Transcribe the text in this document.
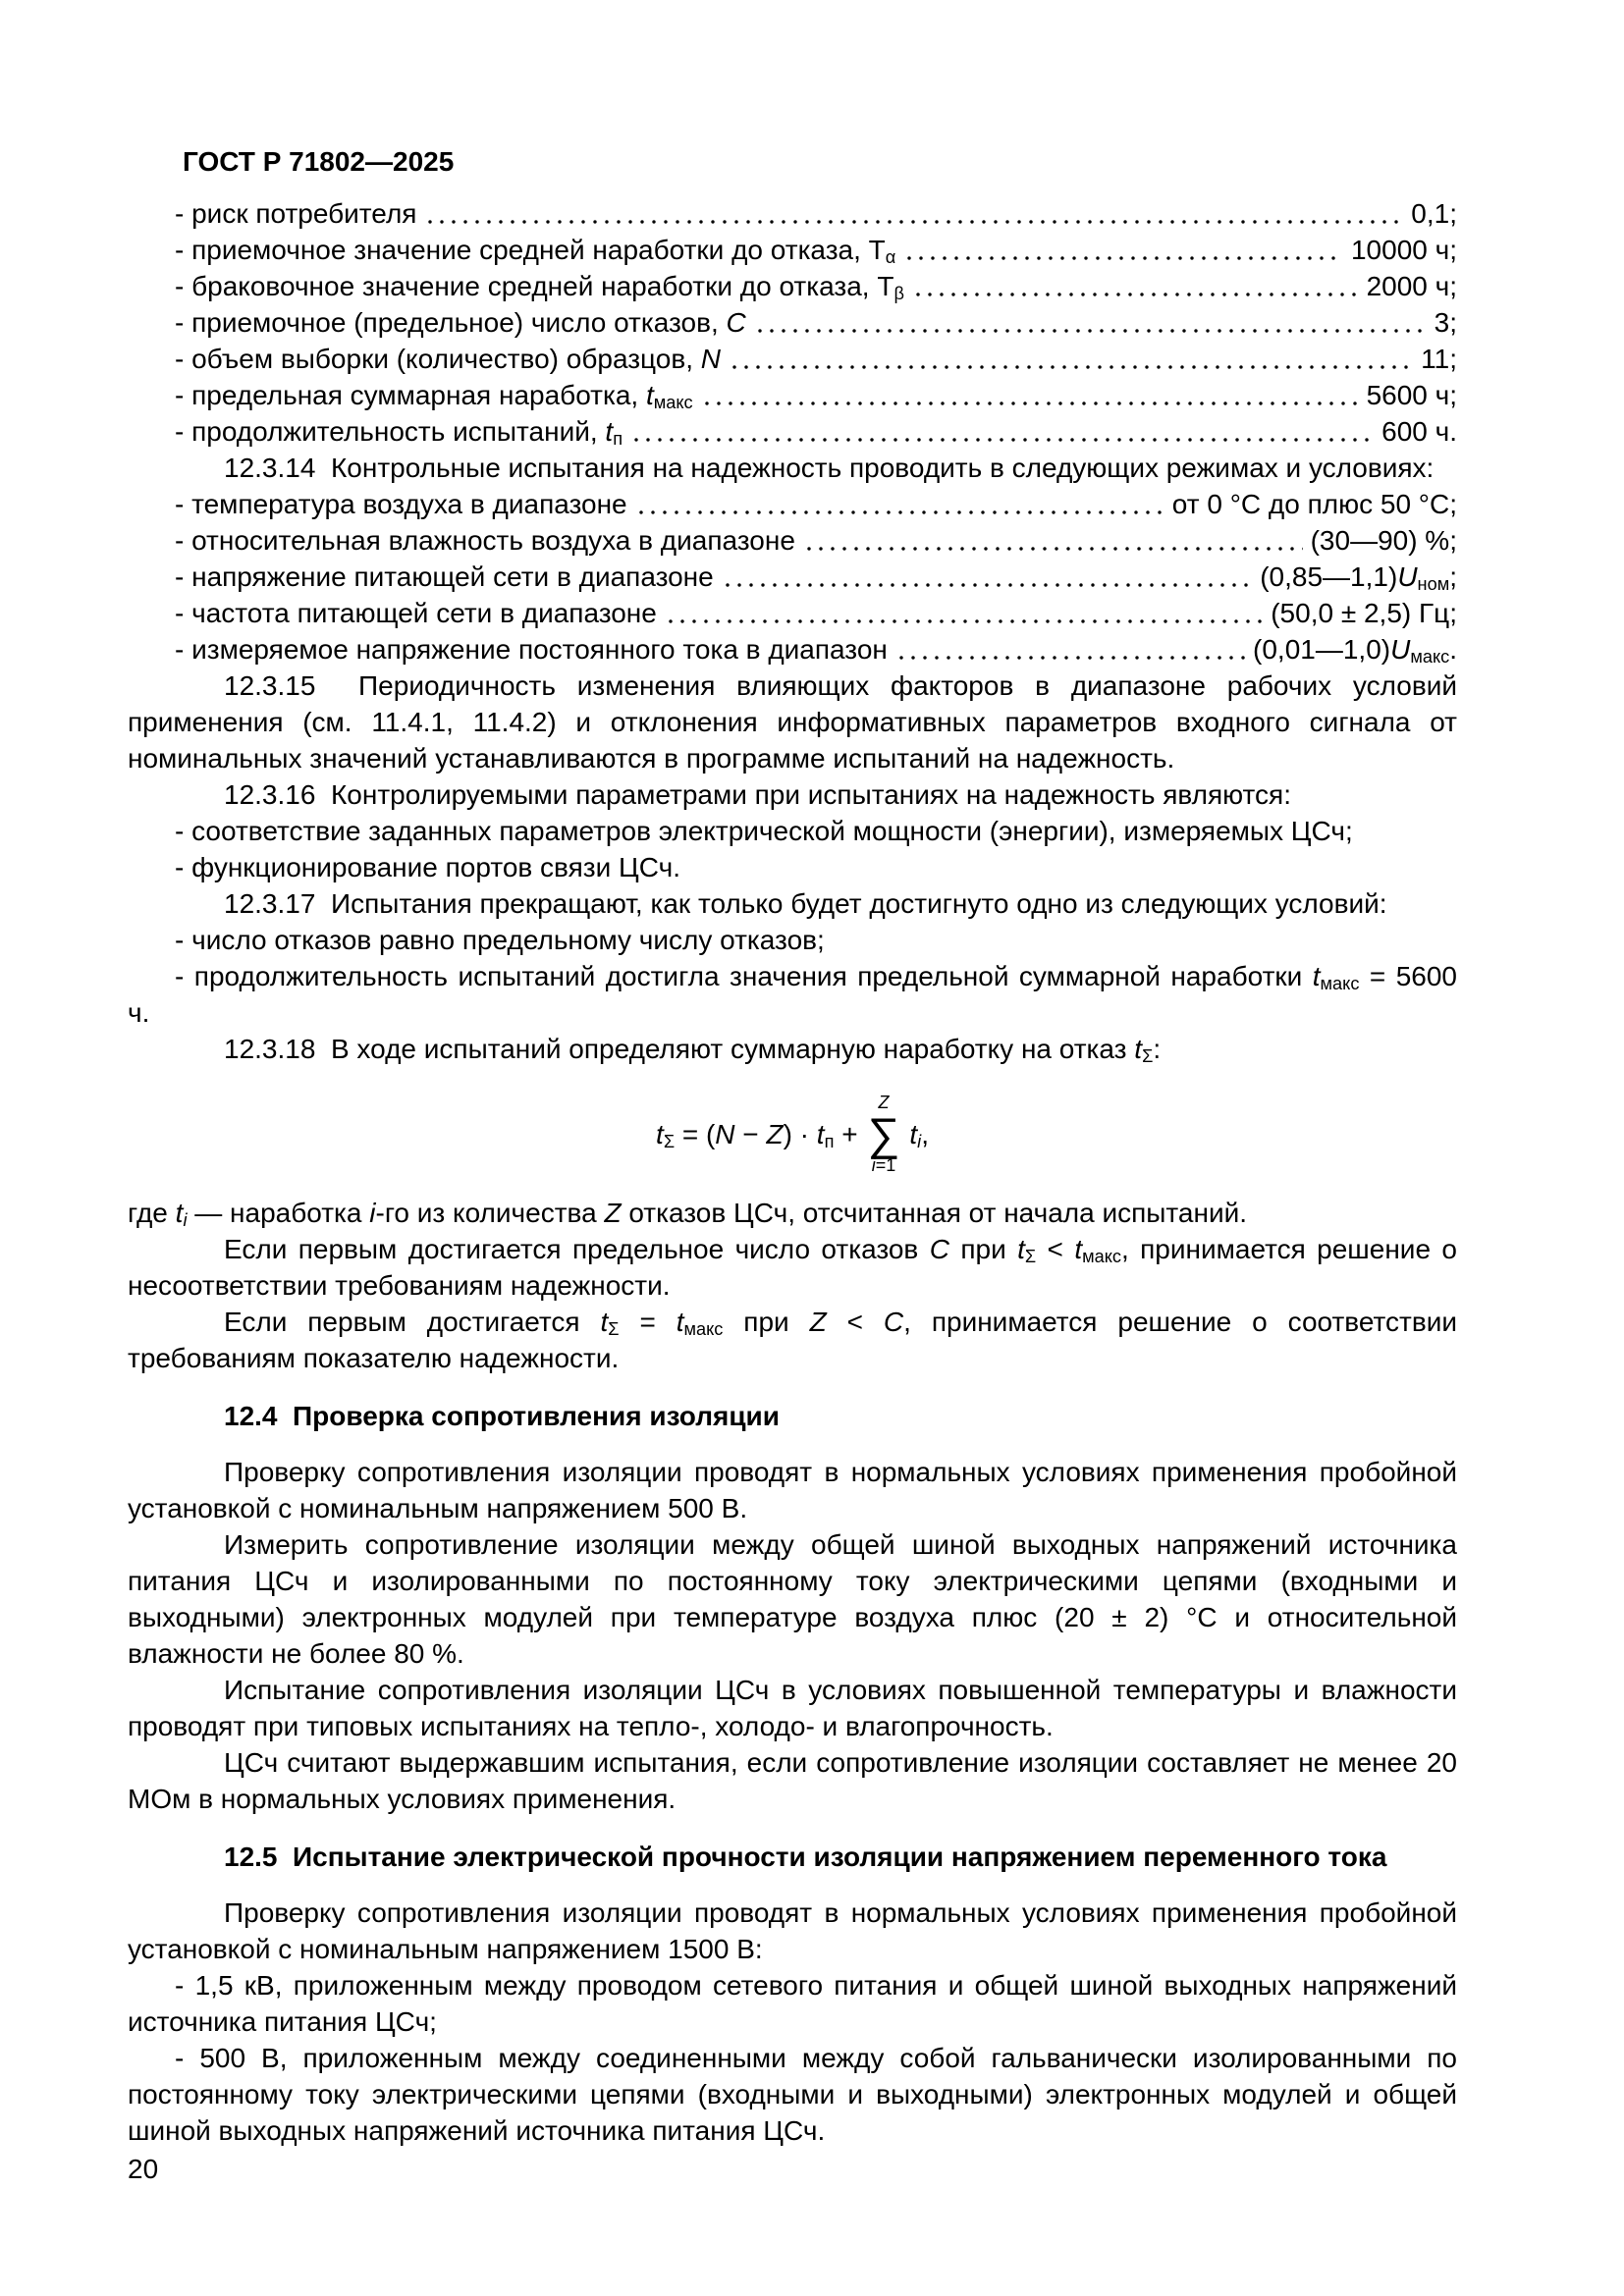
ГОСТ Р 71802—2025
- риск потребителя	0,1;
- приемочное значение средней наработки до отказа, $Т_\alpha$	10000 ч;
- браковочное значение средней наработки до отказа, $Т_\beta$	2000 ч;
- приемочное (предельное) число отказов, С	3;
- объем выборки (количество) образцов, N	11;
- предельная суммарная наработка, $t_{макс}$	5600 ч;
- продолжительность испытаний, $t_п$	600 ч.

12.3.14  Контрольные испытания на надежность проводить в следующих режимах и условиях:

- температура воздуха в диапазоне	от 0 °С до плюс 50 °С;
- относительная влажность воздуха в диапазоне	(30—90) %;
- напряжение питающей сети в диапазоне	$(0,85—1,1)U_{ном}$;
- частота питающей сети в диапазоне	(50,0 ± 2,5) Гц;
- измеряемое напряжение постоянного тока в диапазон	$(0,01—1,0)U_{макс}$.

12.3.15  Периодичность изменения влияющих факторов в диапазоне рабочих условий применения (см. 11.4.1, 11.4.2) и отклонения информативных параметров входного сигнала от номинальных значений устанавливаются в программе испытаний на надежность.

12.3.16  Контролируемыми параметрами при испытаниях на надежность являются:

- соответствие заданных параметров электрической мощности (энергии), измеряемых ЦСч;

- функционирование портов связи ЦСч.

12.3.17  Испытания прекращают, как только будет достигнуто одно из следующих условий:

- число отказов равно предельному числу отказов;

- продолжительность испытаний достигла значения предельной суммарной наработки $t_{макс} = 5600$ ч.

12.3.18  В ходе испытаний определяют суммарную наработку на отказ $t_\Sigma$:

$t_\Sigma = (N - Z) \cdot t_п$ +
Z
∑
i=1
$t_i$,

где $t_i$ — наработка i-го из количества Z отказов ЦСч, отсчитанная от начала испытаний.

Если первым достигается предельное число отказов С при $t_\Sigma < t_{макс}$, принимается решение о несоответствии требованиям надежности.

Если первым достигается $t_\Sigma = t_{макс}$ при Z < С, принимается решение о соответствии требованиям показателю надежности.

12.4  Проверка сопротивления изоляции

Проверку сопротивления изоляции проводят в нормальных условиях применения пробойной установкой с номинальным напряжением 500 В.

Измерить сопротивление изоляции между общей шиной выходных напряжений источника питания ЦСч и изолированными по постоянному току электрическими цепями (входными и выходными) электронных модулей при температуре воздуха плюс (20 ± 2) °С и относительной влажности не более 80 %.

Испытание сопротивления изоляции ЦСч в условиях повышенной температуры и влажности проводят при типовых испытаниях на тепло-, холодо- и влагопрочность.

ЦСч считают выдержавшим испытания, если сопротивление изоляции составляет не менее 20 МОм в нормальных условиях применения.

12.5  Испытание электрической прочности изоляции напряжением переменного тока

Проверку сопротивления изоляции проводят в нормальных условиях применения пробойной установкой с номинальным напряжением 1500 В:

- 1,5 кВ, приложенным между проводом сетевого питания и общей шиной выходных напряжений источника питания ЦСч;

- 500 В, приложенным между соединенными между собой гальванически изолированными по постоянному току электрическими цепями (входными и выходными) электронных модулей и общей шиной выходных напряжений источника питания ЦСч.

20
